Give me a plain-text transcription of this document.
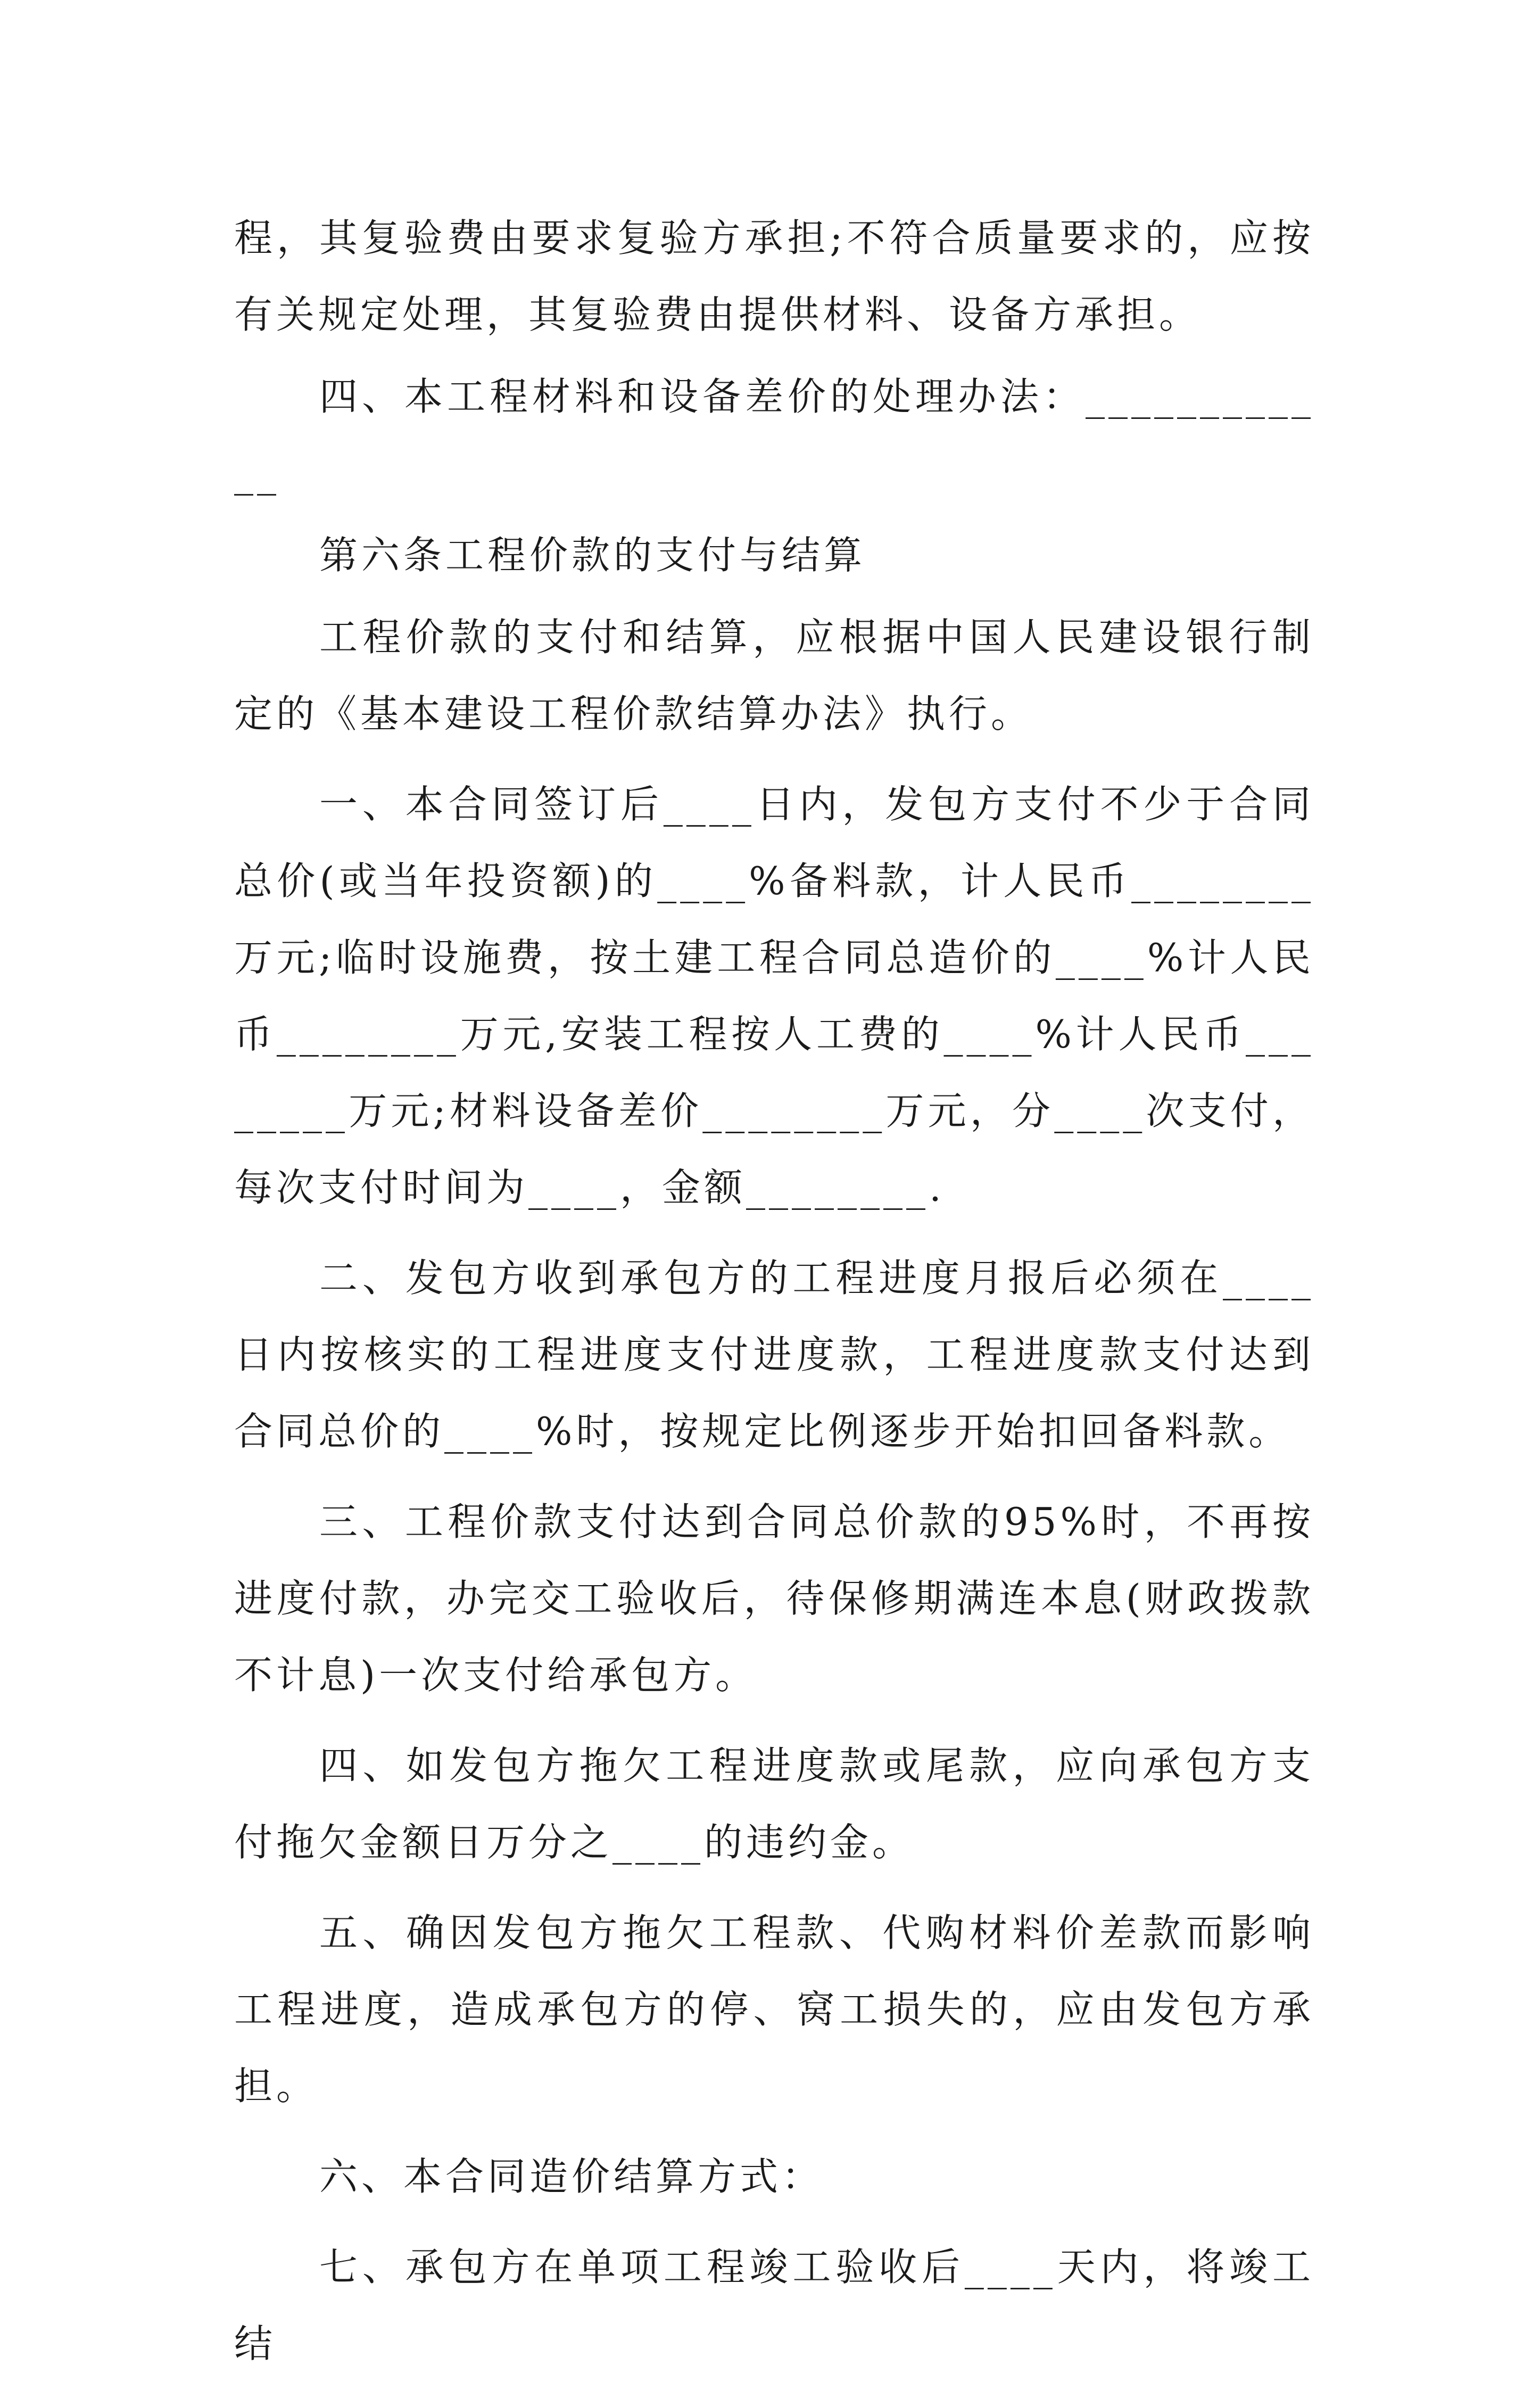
程，其复验费由要求复验方承担;不符合质量要求的，应按有关规定处理，其复验费由提供材料、设备方承担。

四、本工程材料和设备差价的处理办法：____________

第六条工程价款的支付与结算

工程价款的支付和结算，应根据中国人民建设银行制定的《基本建设工程价款结算办法》执行。

一、本合同签订后____日内，发包方支付不少于合同总价(或当年投资额)的____%备料款，计人民币________万元;临时设施费，按土建工程合同总造价的____%计人民币________万元,安装工程按人工费的____%计人民币________万元;材料设备差价________万元，分____次支付，每次支付时间为____，金额________.

二、发包方收到承包方的工程进度月报后必须在____日内按核实的工程进度支付进度款，工程进度款支付达到合同总价的____%时，按规定比例逐步开始扣回备料款。

三、工程价款支付达到合同总价款的95%时，不再按进度付款，办完交工验收后，待保修期满连本息(财政拨款不计息)一次支付给承包方。

四、如发包方拖欠工程进度款或尾款，应向承包方支付拖欠金额日万分之____的违约金。

五、确因发包方拖欠工程款、代购材料价差款而影响工程进度，造成承包方的停、窝工损失的，应由发包方承担。

六、本合同造价结算方式：

七、承包方在单项工程竣工验收后____天内，将竣工结
